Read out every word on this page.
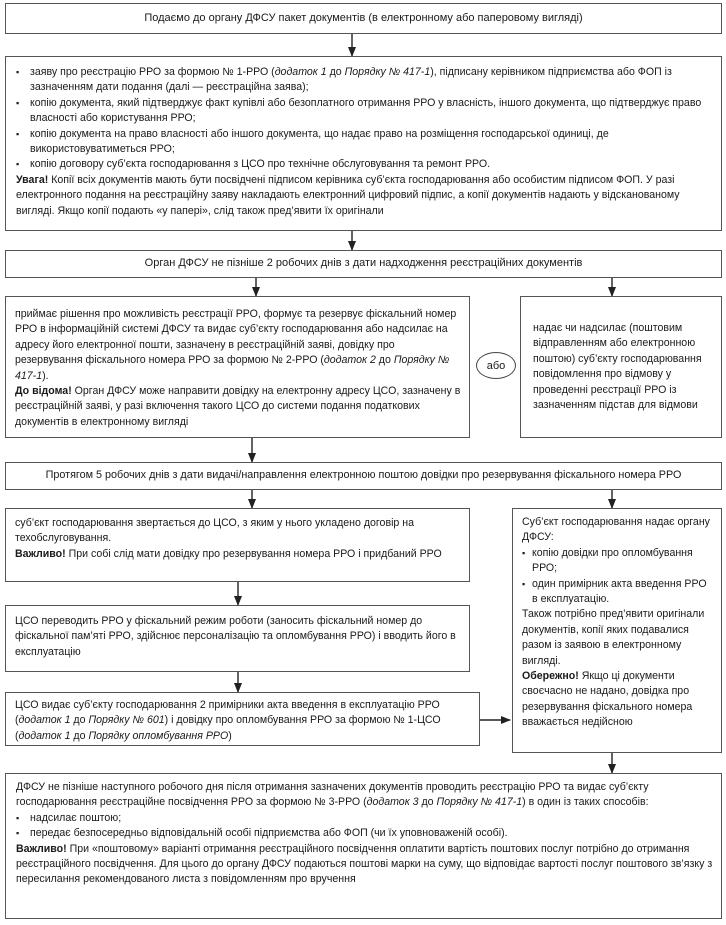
Подаємо до органу ДФСУ пакет документів (в електронному або паперовому вигляді)

▪ заяву про реєстрацію РРО за формою № 1-РРО (додаток 1 до Порядку № 417-1), підписану керівником підприємства або ФОП із зазначенням дати подання (далі — реєстраційна заява);

▪ копію документа, який підтверджує факт купівлі або безоплатного отримання РРО у власність, іншого документа, що підтверджує право власності або користування РРО;

▪ копію документа на право власності або іншого документа, що надає право на розміщення господарської одиниці, де використовуватиметься РРО;

▪ копію договору суб’єкта господарювання з ЦСО про технічне обслуговування та ремонт РРО.

Увага! Копії всіх документів мають бути посвідчені підписом керівника суб’єкта господарювання або особистим підписом ФОП. У разі електронного подання на реєстраційну заяву накладають електронний цифровий підпис, а копії документів надають у відсканованому вигляді. Якщо копії подають «у папері», слід також пред’явити їх оригінали

Орган ДФСУ не пізніше 2 робочих днів з дати надходження реєстраційних документів

приймає рішення про можливість реєстрації РРО, формує та резервує фіскальний номер РРО в інформаційній системі ДФСУ та видає суб’єкту господарювання або надсилає на адресу його електронної пошти, зазначену в реєстраційній заяві, довідку про резервування фіскального номера РРО за формою № 2-РРО (додаток 2 до Порядку № 417-1).

До відома! Орган ДФСУ може направити довідку на електронну адресу ЦСО, зазначену в реєстраційній заяві, у разі включення такого ЦСО до системи подання податкових документів в електронному вигляді

або

надає чи надсилає (поштовим відправленням або електронною поштою) суб’єкту господарювання повідомлення про відмову у проведенні реєстрації РРО із зазначенням підстав для відмови

Протягом 5 робочих днів з дати видачі/направлення електронною поштою довідки про резервування фіскального номера РРО

суб’єкт господарювання звертається до ЦСО, з яким у нього укладено договір на техобслуговування.

Важливо! При собі слід мати довідку про резервування номера РРО і придбаний РРО

ЦСО переводить РРО у фіскальний режим роботи (заносить фіскальний номер до фіскальної пам’яті РРО, здійснює персоналізацію та опломбування РРО) і вводить його в експлуатацію

ЦСО видає суб’єкту господарювання 2 примірники акта введення в експлуатацію РРО (додаток 1 до Порядку № 601) і довідку про опломбування РРО за формою № 1-ЦСО (додаток 1 до Порядку опломбування РРО)

Суб’єкт господарювання надає органу ДФСУ:

▪ копію довідки про опломбування РРО;

▪ один примірник акта введення РРО в експлуатацію.

Також потрібно пред’явити оригінали документів, копії яких подавалися разом із заявою в електронному вигляді.

Обережно! Якщо ці документи своєчасно не надано, довідка про резервування фіскального номера вважається недійсною

ДФСУ не пізніше наступного робочого дня після отримання зазначених документів проводить реєстрацію РРО та видає суб’єкту господарювання реєстраційне посвідчення РРО за формою № 3-РРО (додаток 3 до Порядку № 417-1) в один із таких способів:

▪ надсилає поштою;

▪ передає безпосередньо відповідальній особі підприємства або ФОП (чи їх уповноваженій особі).

Важливо! При «поштовому» варіанті отримання реєстраційного посвідчення оплатити вартість поштових послуг потрібно до отримання реєстраційного посвідчення. Для цього до органу ДФСУ подаються поштові марки на суму, що відповідає вартості послуг поштового зв’язку з пересилання рекомендованого листа з повідомленням про вручення
